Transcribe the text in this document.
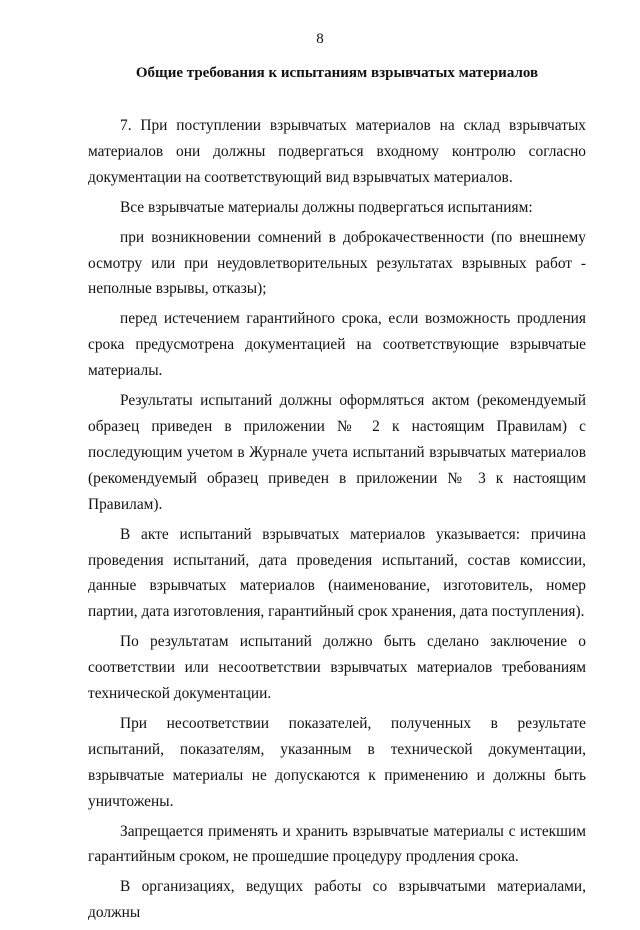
8

Общие требования к испытаниям взрывчатых материалов

7. При поступлении взрывчатых материалов на склад взрывчатых материалов они должны подвергаться входному контролю согласно документации на соответствующий вид взрывчатых материалов.

Все взрывчатые материалы должны подвергаться испытаниям:

при возникновении сомнений в доброкачественности (по внешнему осмотру или при неудовлетворительных результатах взрывных работ - неполные взрывы, отказы);

перед истечением гарантийного срока, если возможность продления срока предусмотрена документацией на соответствующие взрывчатые материалы.

Результаты испытаний должны оформляться актом (рекомендуемый образец приведен в приложении № 2 к настоящим Правилам) с последующим учетом в Журнале учета испытаний взрывчатых материалов (рекомендуемый образец приведен в приложении № 3 к настоящим Правилам).

В акте испытаний взрывчатых материалов указывается: причина проведения испытаний, дата проведения испытаний, состав комиссии, данные взрывчатых материалов (наименование, изготовитель, номер партии, дата изготовления, гарантийный срок хранения, дата поступления).

По результатам испытаний должно быть сделано заключение о соответствии или несоответствии взрывчатых материалов требованиям технической документации.

При несоответствии показателей, полученных в результате испытаний, показателям, указанным в технической документации, взрывчатые материалы не допускаются к применению и должны быть уничтожены.

Запрещается применять и хранить взрывчатые материалы с истекшим гарантийным сроком, не прошедшие процедуру продления срока.

В организациях, ведущих работы со взрывчатыми материалами, должны
